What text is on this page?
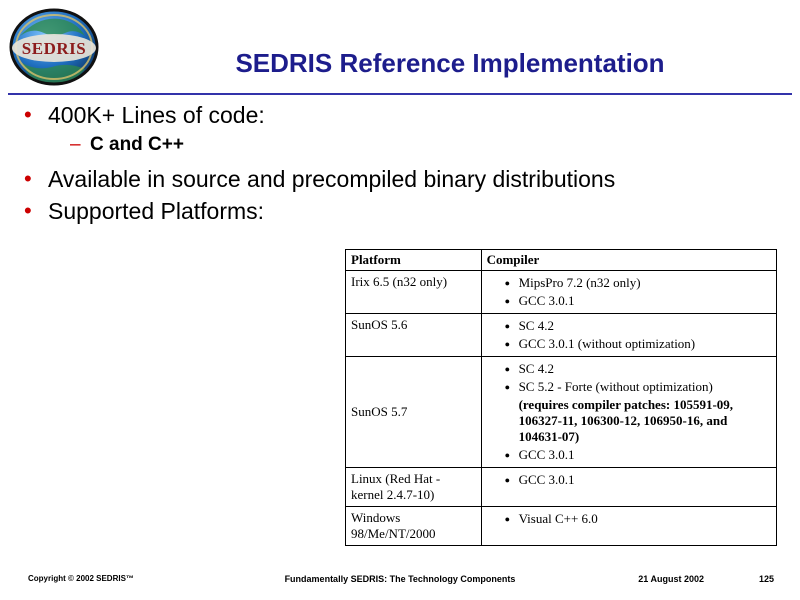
SEDRIS	SEDRIS Reference Implementation
• 400K+ Lines of code:
– C and C++
• Available in source and precompiled binary distributions
• Supported Platforms:
Platform	Compiler
Irix 6.5 (n32 only)	
●MipsPro 7.2 (n32 only)
● GCC 3.0.1

SunOS 5.6	
●SC 4.2
● GCC 3.0.1 (without optimization)

SunOS 5.7	
● SC 4.2
● SC 5.2 - Forte (without optimization)
(requires compiler patches: 105591-09, 106327-11, 106300-12, 106950-16, and 104631-07)
● GCC 3.0.1

Linux (Red Hat - kernel 2.4.7-10)	
● GCC 3.0.1

Windows 98/Me/NT/2000	
● Visual C++ 6.0
Copyright © 2002 SEDRIS™	Fundamentally SEDRIS: The Technology Components	21 August 2002	125
